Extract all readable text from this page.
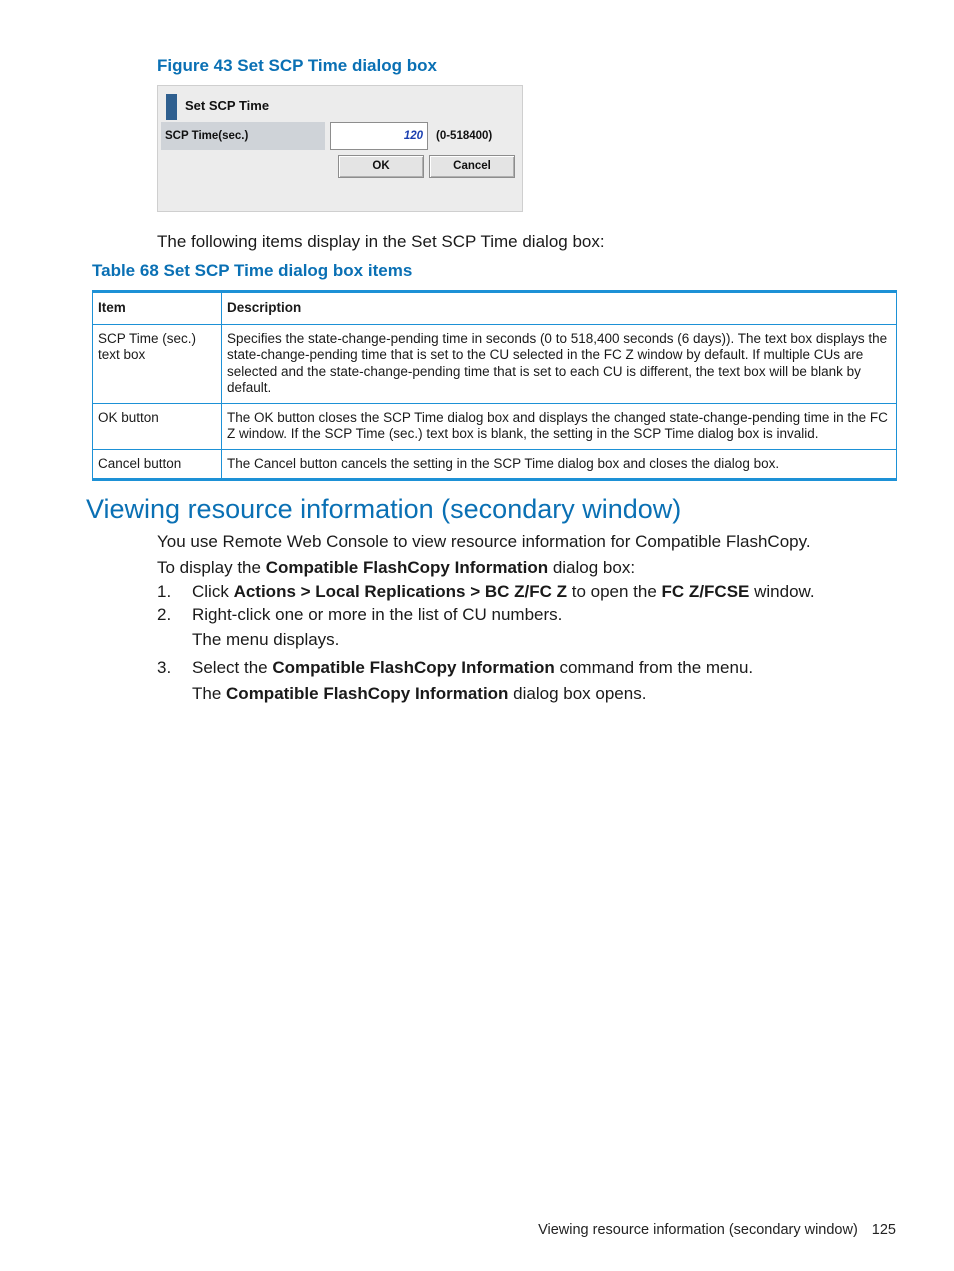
Figure 43 Set SCP Time dialog box
Set SCP Time
SCP Time(sec.)	120	(0-518400)
OK	Cancel
The following items display in the Set SCP Time dialog box:
Table 68 Set SCP Time dialog box items
Item	Description
SCP Time (sec.) text box	Specifies the state-change-pending time in seconds (0 to 518,400 seconds (6 days)). The text box displays the state-change-pending time that is set to the CU selected in the FC Z window by default. If multiple CUs are selected and the state-change-pending time that is set to each CU is different, the text box will be blank by default.
OK button	The OK button closes the SCP Time dialog box and displays the changed state-change-pending time in the FC Z window. If the SCP Time (sec.) text box is blank, the setting in the SCP Time dialog box is invalid.
Cancel button	The Cancel button cancels the setting in the SCP Time dialog box and closes the dialog box.
Viewing resource information (secondary window)
You use Remote Web Console to view resource information for Compatible FlashCopy.
To display the Compatible FlashCopy Information dialog box:
1. Click Actions > Local Replications > BC Z/FC Z to open the FC Z/FCSE window.
2. Right-click one or more in the list of CU numbers.
The menu displays.
3. Select the Compatible FlashCopy Information command from the menu.
The Compatible FlashCopy Information dialog box opens.
Viewing resource information (secondary window) 125
